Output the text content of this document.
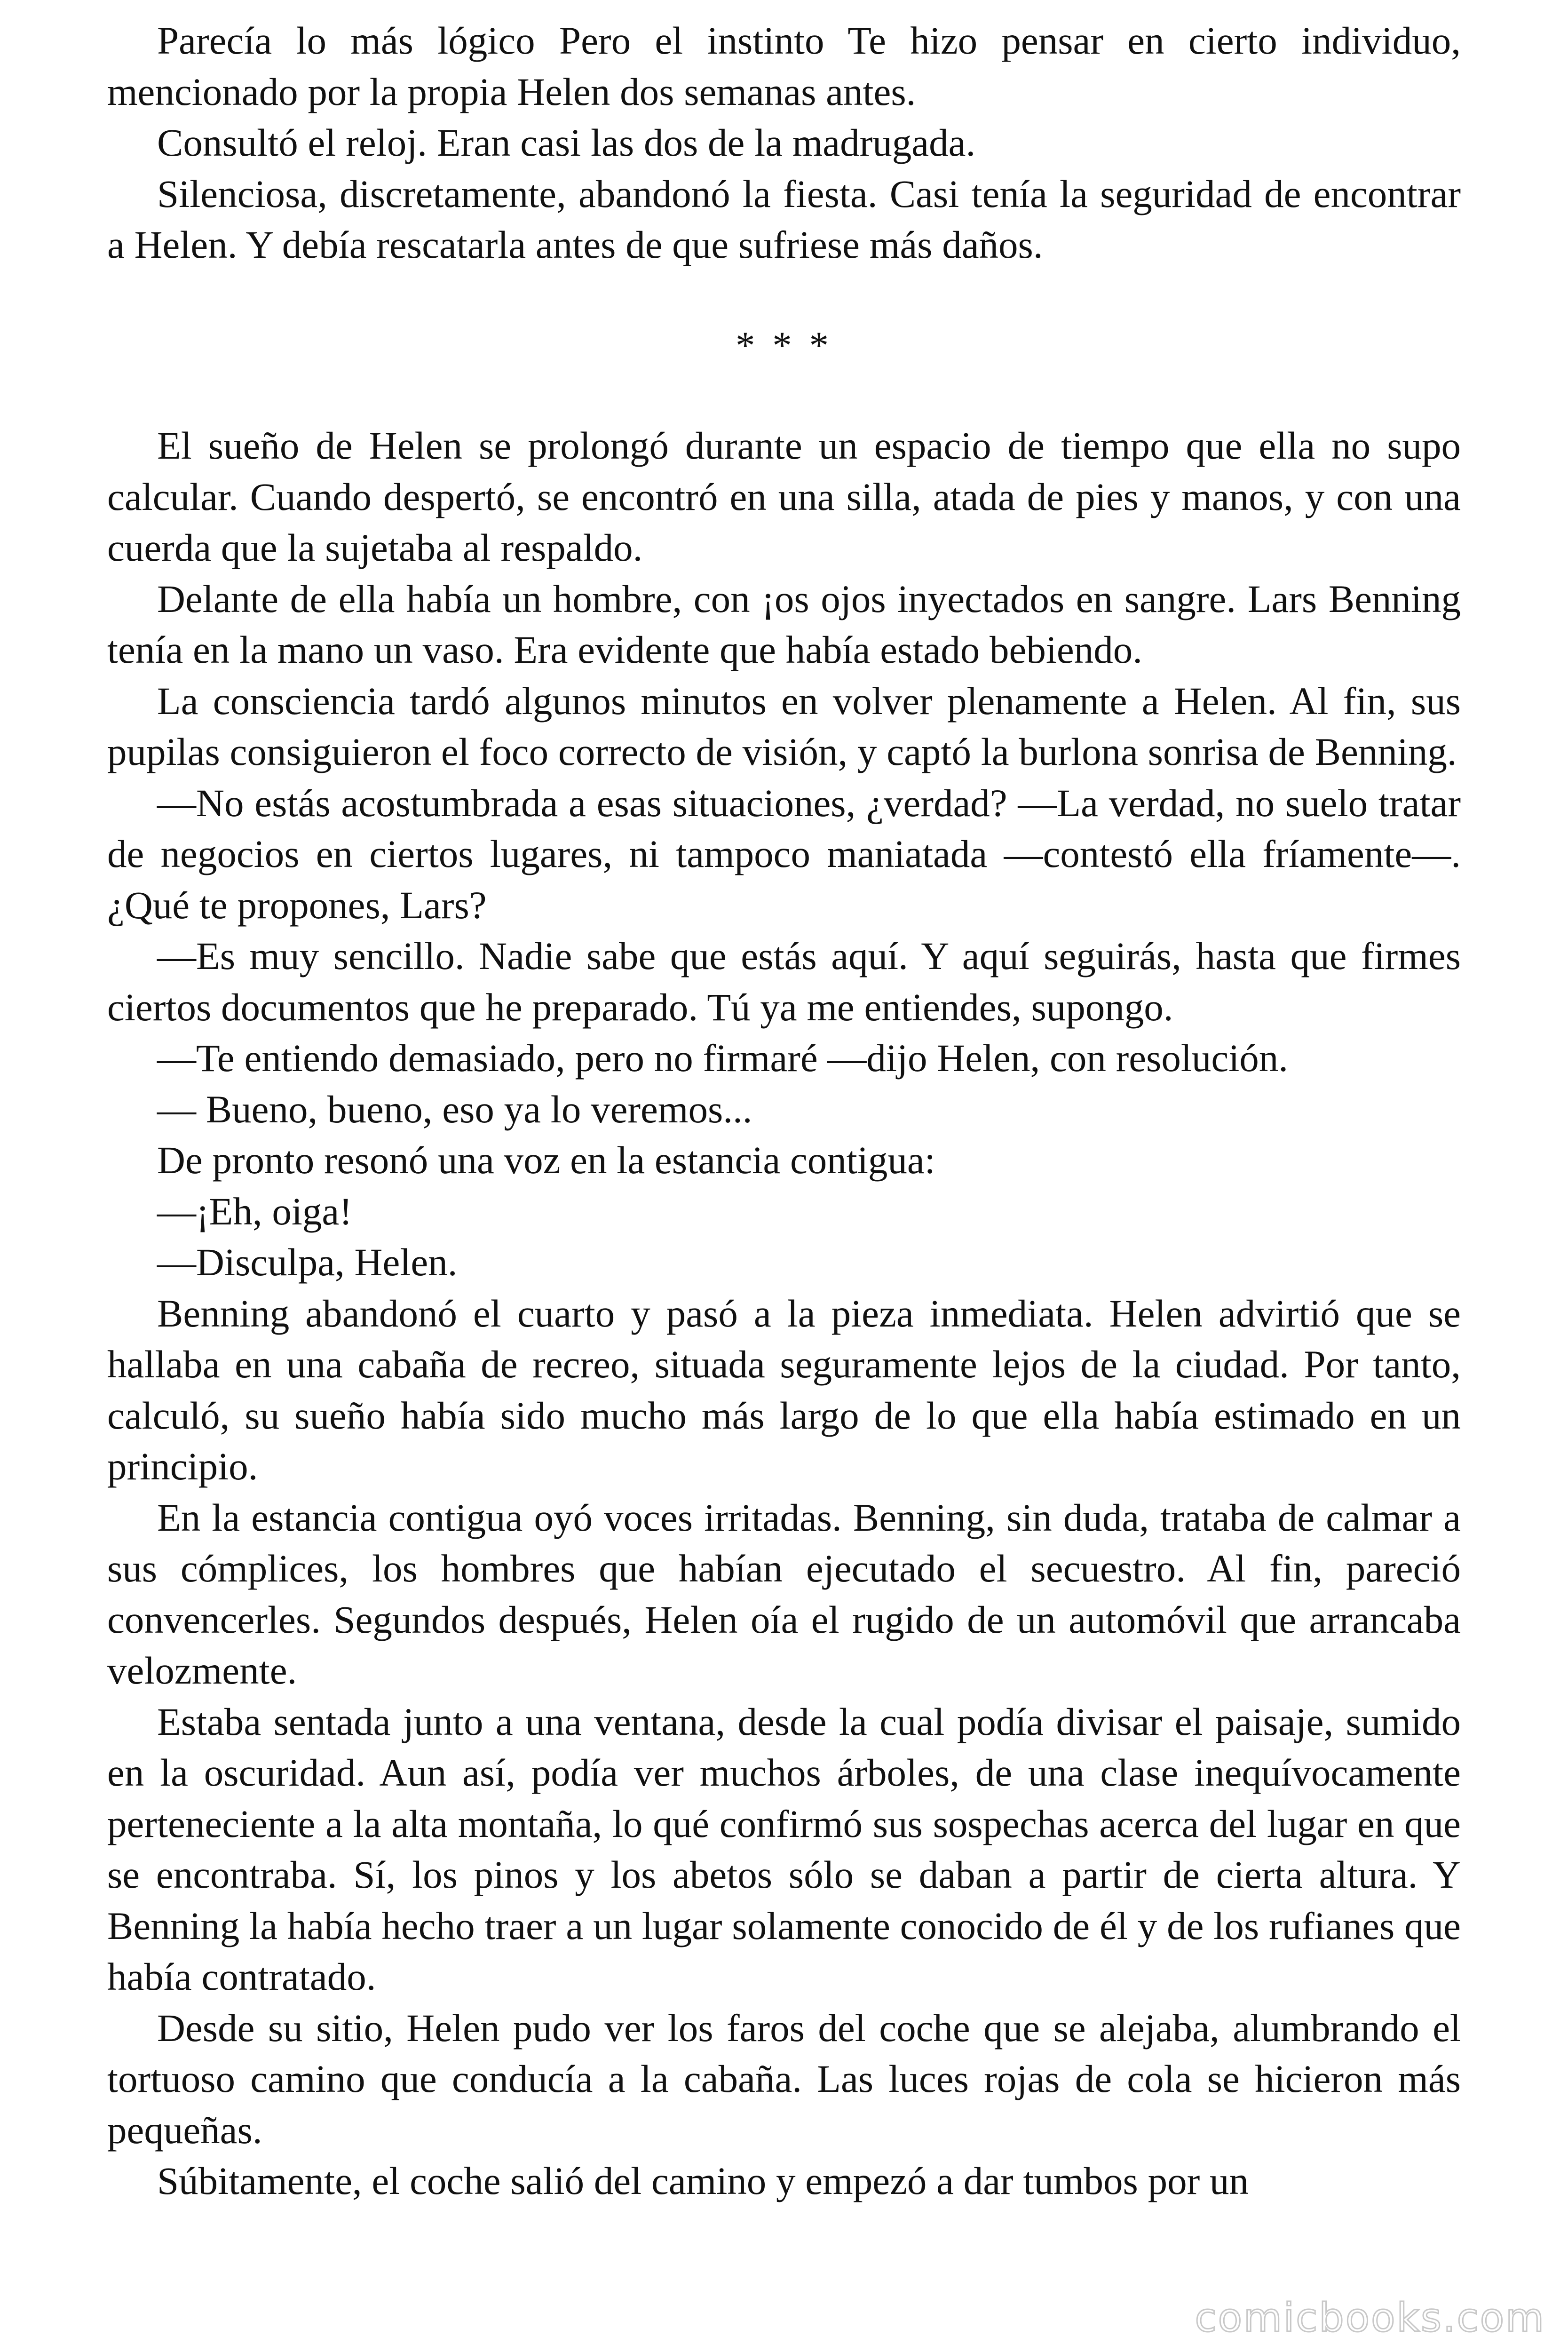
Parecía lo más lógico Pero el instinto Te hizo pensar en cierto individuo, mencionado por la propia Helen dos semanas antes.

Consultó el reloj. Eran casi las dos de la madrugada.

Silenciosa, discretamente, abandonó la fiesta. Casi tenía la seguridad de encontrar a Helen. Y debía rescatarla antes de que sufriese más daños.

* * *

El sueño de Helen se prolongó durante un espacio de tiempo que ella no supo calcular. Cuando despertó, se encontró en una silla, atada de pies y manos, y con una cuerda que la sujetaba al respaldo.

Delante de ella había un hombre, con ¡os ojos inyectados en sangre. Lars Benning tenía en la mano un vaso. Era evidente que había estado bebiendo.

La consciencia tardó algunos minutos en volver plenamente a Helen. Al fin, sus pupilas consiguieron el foco correcto de visión, y captó la burlona sonrisa de Benning.

—No estás acostumbrada a esas situaciones, ¿verdad? —La verdad, no suelo tratar de negocios en ciertos lugares, ni tampoco maniatada —contestó ella fríamente—. ¿Qué te propones, Lars?

—Es muy sencillo. Nadie sabe que estás aquí. Y aquí seguirás, hasta que firmes ciertos documentos que he preparado. Tú ya me entiendes, supongo.

—Te entiendo demasiado, pero no firmaré —dijo Helen, con resolución.

— Bueno, bueno, eso ya lo veremos...

De pronto resonó una voz en la estancia contigua:

—¡Eh, oiga!

—Disculpa, Helen.

Benning abandonó el cuarto y pasó a la pieza inmediata. Helen advirtió que se hallaba en una cabaña de recreo, situada seguramente lejos de la ciudad. Por tanto, calculó, su sueño había sido mucho más largo de lo que ella había estimado en un principio.

En la estancia contigua oyó voces irritadas. Benning, sin duda, trataba de calmar a sus cómplices, los hombres que habían ejecutado el secuestro. Al fin, pareció convencerles. Segundos después, Helen oía el rugido de un automóvil que arrancaba velozmente.

Estaba sentada junto a una ventana, desde la cual podía divisar el paisaje, sumido en la oscuridad. Aun así, podía ver muchos árboles, de una clase inequívocamente perteneciente a la alta montaña, lo qué confirmó sus sospechas acerca del lugar en que se encontraba. Sí, los pinos y los abetos sólo se daban a partir de cierta altura. Y Benning la había hecho traer a un lugar solamente conocido de él y de los rufianes que había contratado.

Desde su sitio, Helen pudo ver los faros del coche que se alejaba, alumbrando el tortuoso camino que conducía a la cabaña. Las luces rojas de cola se hicieron más pequeñas.

Súbitamente, el coche salió del camino y empezó a dar tumbos por un

comicbooks.com
